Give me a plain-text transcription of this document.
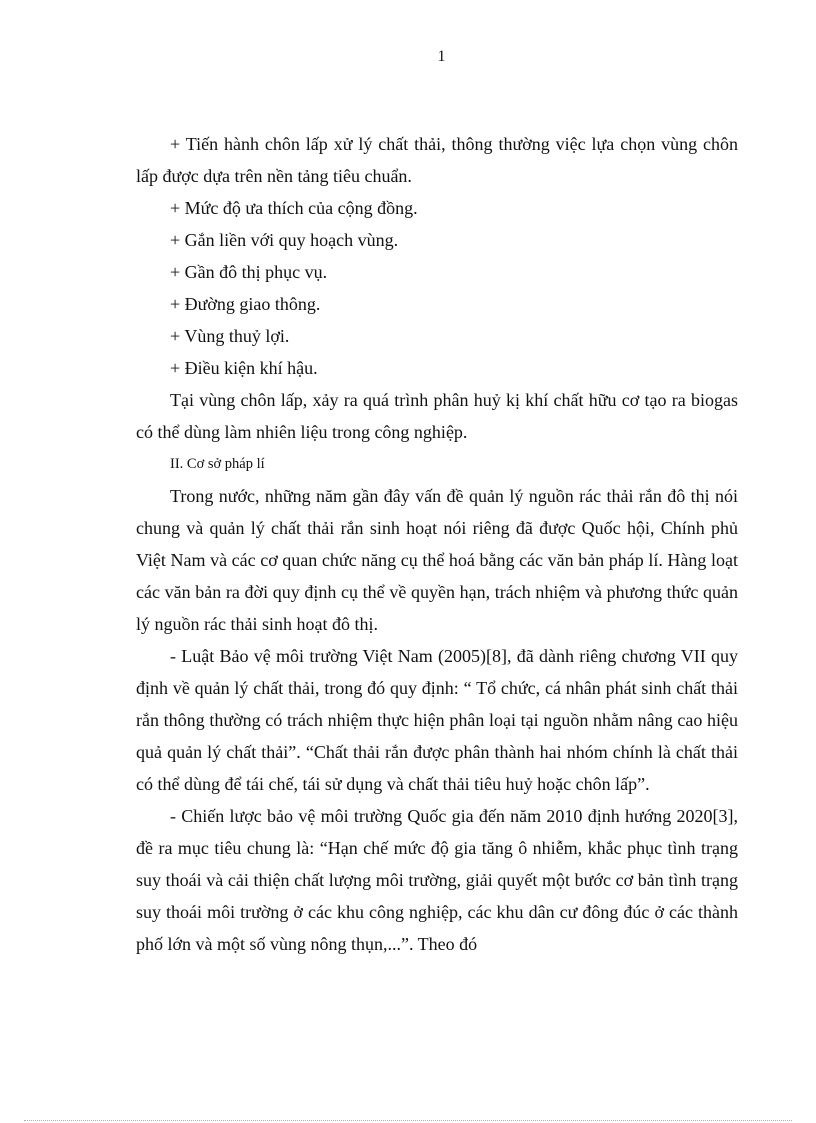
1

+ Tiến hành chôn lấp xử lý chất thải, thông thường việc lựa chọn vùng chôn lấp được dựa trên nền tảng tiêu chuẩn.

+ Mức độ ưa thích của cộng đồng.

+ Gắn liền với quy hoạch vùng.

+ Gần đô thị phục vụ.

+ Đường giao thông.

+ Vùng thuỷ lợi.

+ Điều kiện khí hậu.

Tại vùng chôn lấp, xảy ra quá trình phân huỷ kị khí chất hữu cơ tạo ra biogas có thể dùng làm nhiên liệu trong công nghiệp.

II. Cơ sở pháp lí

Trong nước, những năm gần đây vấn đề quản lý nguồn rác thải rắn đô thị nói chung và quản lý chất thải rắn sinh hoạt nói riêng đã được Quốc hội, Chính phủ Việt Nam và các cơ quan chức năng cụ thể hoá bằng các văn bản pháp lí. Hàng loạt các văn bản ra đời quy định cụ thể về quyền hạn, trách nhiệm và phương thức quản lý nguồn rác thải sinh hoạt đô thị.

- Luật Bảo vệ môi trường Việt Nam (2005)[8], đã dành riêng chương VII quy định về quản lý chất thải, trong đó quy định: “ Tổ chức, cá nhân phát sinh chất thải rắn thông thường có trách nhiệm thực hiện phân loại tại nguồn nhằm nâng cao hiệu quả quản lý chất thải”. “Chất thải rắn được phân thành hai nhóm chính là chất thải có thể dùng để tái chế, tái sử dụng và chất thải tiêu huỷ hoặc chôn lấp”.

- Chiến lược bảo vệ môi trường Quốc gia đến năm 2010 định hướng 2020[3], đề ra mục tiêu chung là: “Hạn chế mức độ gia tăng ô nhiễm, khắc phục tình trạng suy thoái và cải thiện chất lượng môi trường, giải quyết một bước cơ bản tình trạng suy thoái môi trường ở các khu công nghiệp, các khu dân cư đông đúc ở các thành phố lớn và một số vùng nông thụn,...”. Theo đó
